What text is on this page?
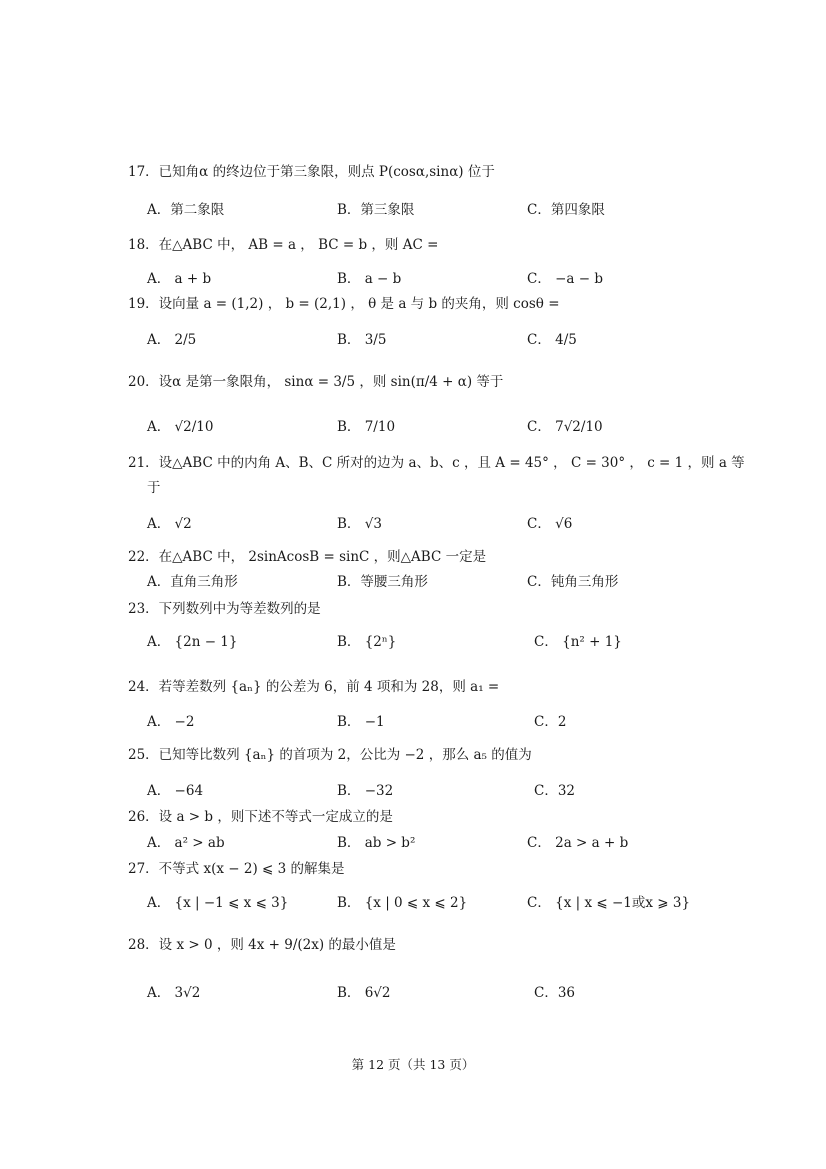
17．已知角α 的终边位于第三象限，则点 P(cosα,sinα) 位于
A．第二象限	B．第三象限	C．第四象限
18．在△ABC 中， AB = a ， BC = b ，则 AC =
A． a + b	B． a − b	C． −a − b
19．设向量 a = (1,2) ， b = (2,1) ， θ 是 a 与 b 的夹角，则 cosθ =
A． 2/5	B． 3/5	C． 4/5
20．设α 是第一象限角， sinα = 3/5 ，则 sin(π/4 + α) 等于
A． √2/10	B． 7/10	C． 7√2/10
21．设△ABC 中的内角 A、B、C 所对的边为 a、b、c ，且 A = 45° ， C = 30° ， c = 1 ，则 a 等
于
A． √2	B． √3	C． √6
22．在△ABC 中， 2sinAcosB = sinC ，则△ABC 一定是
A．直角三角形	B．等腰三角形	C．钝角三角形
23．下列数列中为等差数列的是
A． {2n − 1}	B． {2ⁿ}	C． {n² + 1}
24．若等差数列 {aₙ} 的公差为 6，前 4 项和为 28，则 a₁ =
A． −2	B． −1	C．2
25．已知等比数列 {aₙ} 的首项为 2，公比为 −2 ，那么 a₅ 的值为
A． −64	B． −32	C．32
26．设 a > b ，则下述不等式一定成立的是
A． a² > ab	B． ab > b²	C． 2a > a + b
27．不等式 x(x − 2) ⩽ 3 的解集是
A． {x | −1 ⩽ x ⩽ 3}	B． {x | 0 ⩽ x ⩽ 2}	C． {x | x ⩽ −1或x ⩾ 3}
28．设 x > 0 ，则 4x + 9/(2x) 的最小值是
A． 3√2	B． 6√2	C．36
第 12 页（共 13 页）
